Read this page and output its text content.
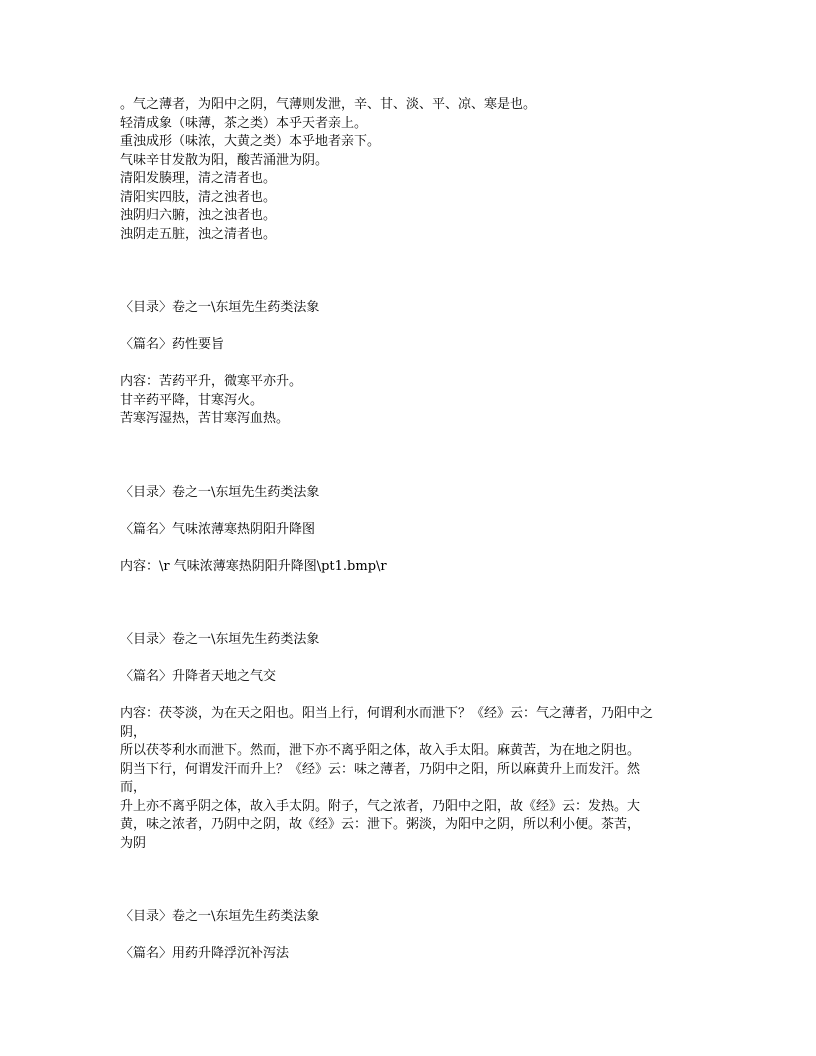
。气之薄者，为阳中之阴，气薄则发泄，辛、甘、淡、平、凉、寒是也。
轻清成象（味薄，茶之类）本乎天者亲上。
重浊成形（味浓，大黄之类）本乎地者亲下。
气味辛甘发散为阳，酸苦涌泄为阴。
清阳发腠理，清之清者也。
清阳实四肢，清之浊者也。
浊阴归六腑，浊之浊者也。
浊阴走五脏，浊之清者也。
〈目录〉卷之一\东垣先生药类法象
〈篇名〉药性要旨
内容：苦药平升，微寒平亦升。
甘辛药平降，甘寒泻火。
苦寒泻湿热，苦甘寒泻血热。
〈目录〉卷之一\东垣先生药类法象
〈篇名〉气味浓薄寒热阴阳升降图
内容：\r 气味浓薄寒热阴阳升降图\pt1.bmp\r
〈目录〉卷之一\东垣先生药类法象
〈篇名〉升降者天地之气交
内容：茯苓淡，为在天之阳也。阳当上行，何谓利水而泄下？《经》云：气之薄者，乃阳中之
阴，
所以茯苓利水而泄下。然而，泄下亦不离乎阳之体，故入手太阳。麻黄苦，为在地之阴也。
阴当下行，何谓发汗而升上？《经》云：味之薄者，乃阴中之阳，所以麻黄升上而发汗。然
而，
升上亦不离乎阴之体，故入手太阴。附子，气之浓者，乃阳中之阳，故《经》云：发热。大
黄，味之浓者，乃阴中之阴，故《经》云：泄下。粥淡，为阳中之阴，所以利小便。茶苦，
为阴
〈目录〉卷之一\东垣先生药类法象
〈篇名〉用药升降浮沉补泻法
